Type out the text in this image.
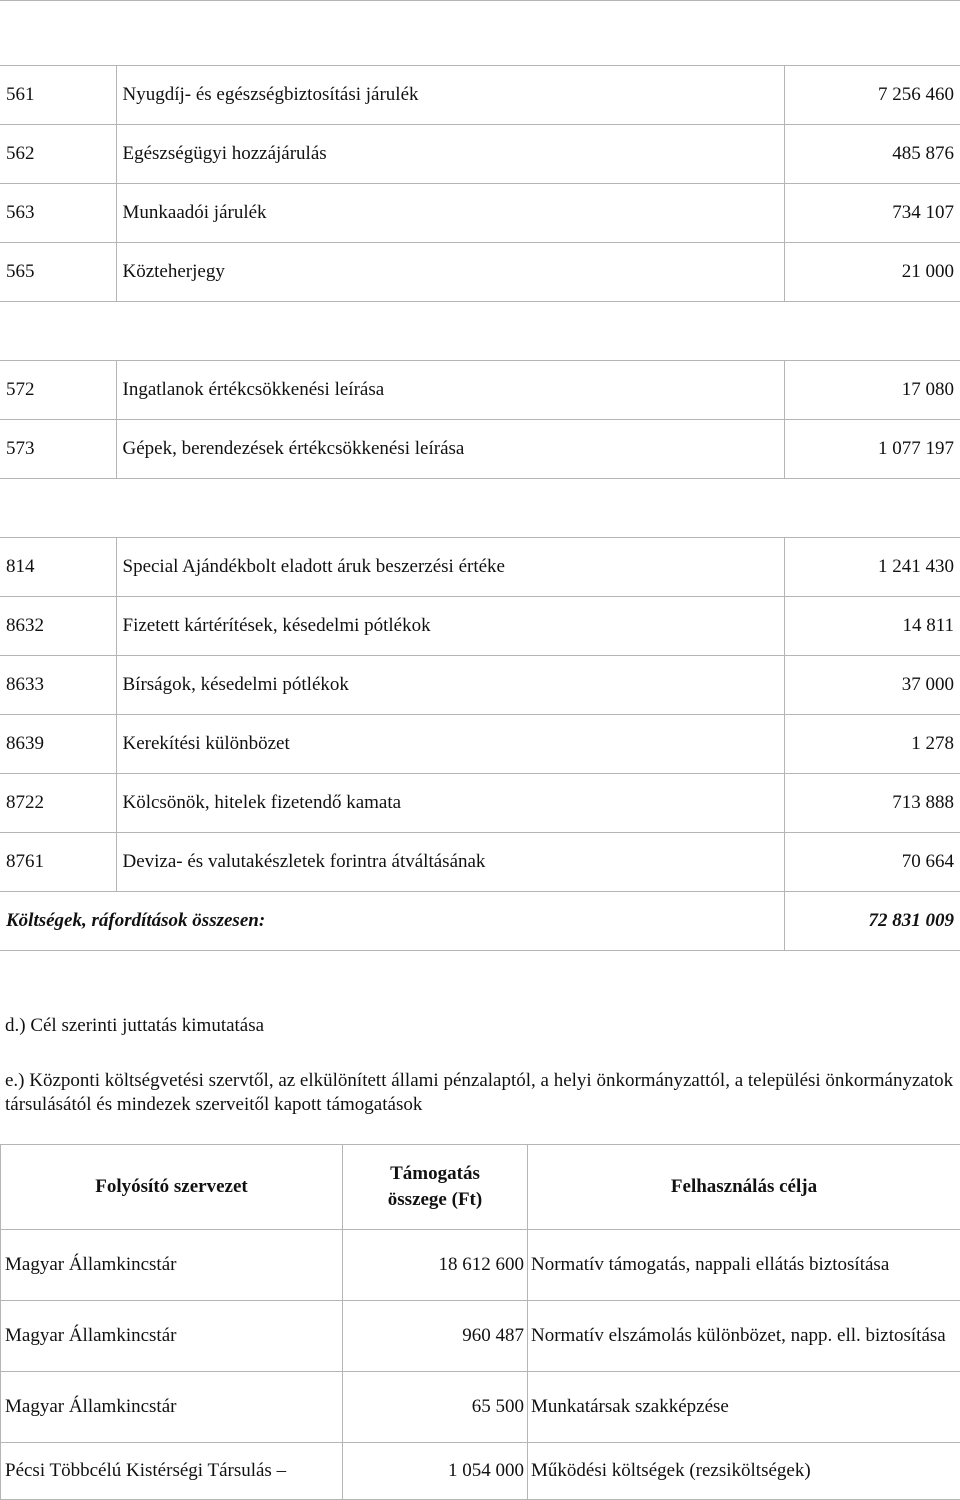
561	Nyugdíj- és egészségbiztosítási járulék	7 256 460
562	Egészségügyi hozzájárulás	485 876
563	Munkaadói járulék	734 107
565	Közteherjegy	21 000

572	Ingatlanok értékcsökkenési leírása	17 080
573	Gépek, berendezések értékcsökkenési leírása	1 077 197

814	Special Ajándékbolt eladott áruk beszerzési értéke	1 241 430
8632	Fizetett kártérítések, késedelmi pótlékok	14 811
8633	Bírságok, késedelmi pótlékok	37 000
8639	Kerekítési különbözet	1 278
8722	Kölcsönök, hitelek fizetendő kamata	713 888
8761	Deviza- és valutakészletek forintra átváltásának	70 664
Költségek, ráfordítások összesen:		72 831 009
d.) Cél szerinti juttatás kimutatása
e.) Központi költségvetési szervtől, az elkülönített állami pénzalaptól, a helyi önkormányzattól, a települési önkormányzatok társulásától és mindezek szerveitől kapott támogatások
Folyósító szervezet	Támogatás összege (Ft)	Felhasználás célja
Magyar Államkincstár	18 612 600	Normatív támogatás, nappali ellátás biztosítása
Magyar Államkincstár	960 487	Normatív elszámolás különbözet, napp. ell. biztosítása
Magyar Államkincstár	65 500	Munkatársak szakképzése
Pécsi Többcélú Kistérségi Társulás –	1 054 000	Működési költségek (rezsiköltségek)
